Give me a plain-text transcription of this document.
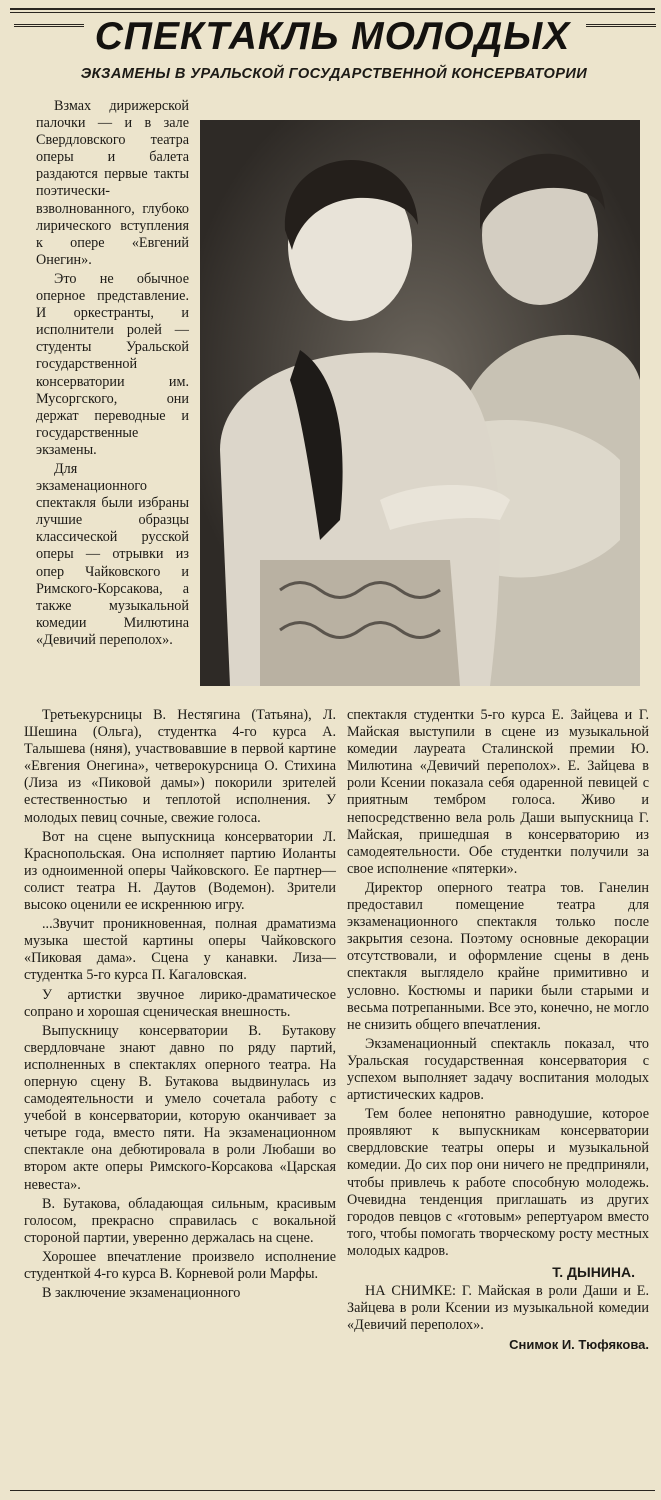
СПЕКТАКЛЬ МОЛОДЫХ
ЭКЗАМЕНЫ В УРАЛЬСКОЙ ГОСУДАРСТВЕННОЙ КОНСЕРВАТОРИИ

Взмах дирижерской палочки — и в зале Свердловского театра оперы и балета раздаются первые такты поэтически-взволнованного, глубоко лирического вступления к опере «Евгений Онегин».

Это не обычное оперное представление. И оркестранты, и исполнители ролей — студенты Уральской государственной консерватории им. Мусоргского, они держат переводные и государственные экзамены.

Для экзаменационного спектакля были избраны лучшие образцы классической русской оперы — отрывки из опер Чайковского и Римского-Корсакова, а также музыкальной комедии Милютина «Девичий переполох».

Третьекурсницы В. Нестягина (Татьяна), Л. Шешина (Ольга), студентка 4-го курса А. Талышева (няня), участвовавшие в первой картине «Евгения Онегина», четверокурсница О. Стихина (Лиза из «Пиковой дамы») покорили зрителей естественностью и теплотой исполнения. У молодых певиц сочные, свежие голоса.

Вот на сцене выпускница консерватории Л. Краснопольская. Она исполняет партию Иоланты из одноименной оперы Чайковского. Ее партнер—солист театра Н. Даутов (Водемон). Зрители высоко оценили ее искреннюю игру.

...Звучит проникновенная, полная драматизма музыка шестой картины оперы Чайковского «Пиковая дама». Сцена у канавки. Лиза—студентка 5-го курса П. Кагаловская.

У артистки звучное лирико-драматическое сопрано и хорошая сценическая внешность.

Выпускницу консерватории В. Бутакову свердловчане знают давно по ряду партий, исполненных в спектаклях оперного театра. На оперную сцену В. Бутакова выдвинулась из самодеятельности и умело сочетала работу с учебой в консерватории, которую оканчивает за четыре года, вместо пяти. На экзаменационном спектакле она дебютировала в роли Любаши во втором акте оперы Римского-Корсакова «Царская невеста».

В. Бутакова, обладающая сильным, красивым голосом, прекрасно справилась с вокальной стороной партии, уверенно держалась на сцене.

Хорошее впечатление произвело исполнение студенткой 4-го курса В. Корневой роли Марфы.

В заключение экзаменационного

спектакля студентки 5-го курса Е. Зайцева и Г. Майская выступили в сцене из музыкальной комедии лауреата Сталинской премии Ю. Милютина «Девичий переполох». Е. Зайцева в роли Ксении показала себя одаренной певицей с приятным тембром голоса. Живо и непосредственно вела роль Даши выпускница Г. Майская, пришедшая в консерваторию из самодеятельности. Обе студентки получили за свое исполнение «пятерки».

Директор оперного театра тов. Ганелин предоставил помещение театра для экзаменационного спектакля только после закрытия сезона. Поэтому основные декорации отсутствовали, и оформление сцены в день спектакля выглядело крайне примитивно и условно. Костюмы и парики были старыми и весьма потрепанными. Все это, конечно, не могло не снизить общего впечатления.

Экзаменационный спектакль показал, что Уральская государственная консерватория с успехом выполняет задачу воспитания молодых артистических кадров.

Тем более непонятно равнодушие, которое проявляют к выпускникам консерватории свердловские театры оперы и музыкальной комедии. До сих пор они ничего не предприняли, чтобы привлечь к работе способную молодежь. Очевидна тенденция приглашать из других городов певцов с «готовым» репертуаром вместо того, чтобы помогать творческому росту местных молодых кадров.

Т. ДЫНИНА.

НА СНИМКЕ: Г. Майская в роли Даши и Е. Зайцева в роли Ксении из музыкальной комедии «Девичий переполох».

Снимок И. Тюфякова.
